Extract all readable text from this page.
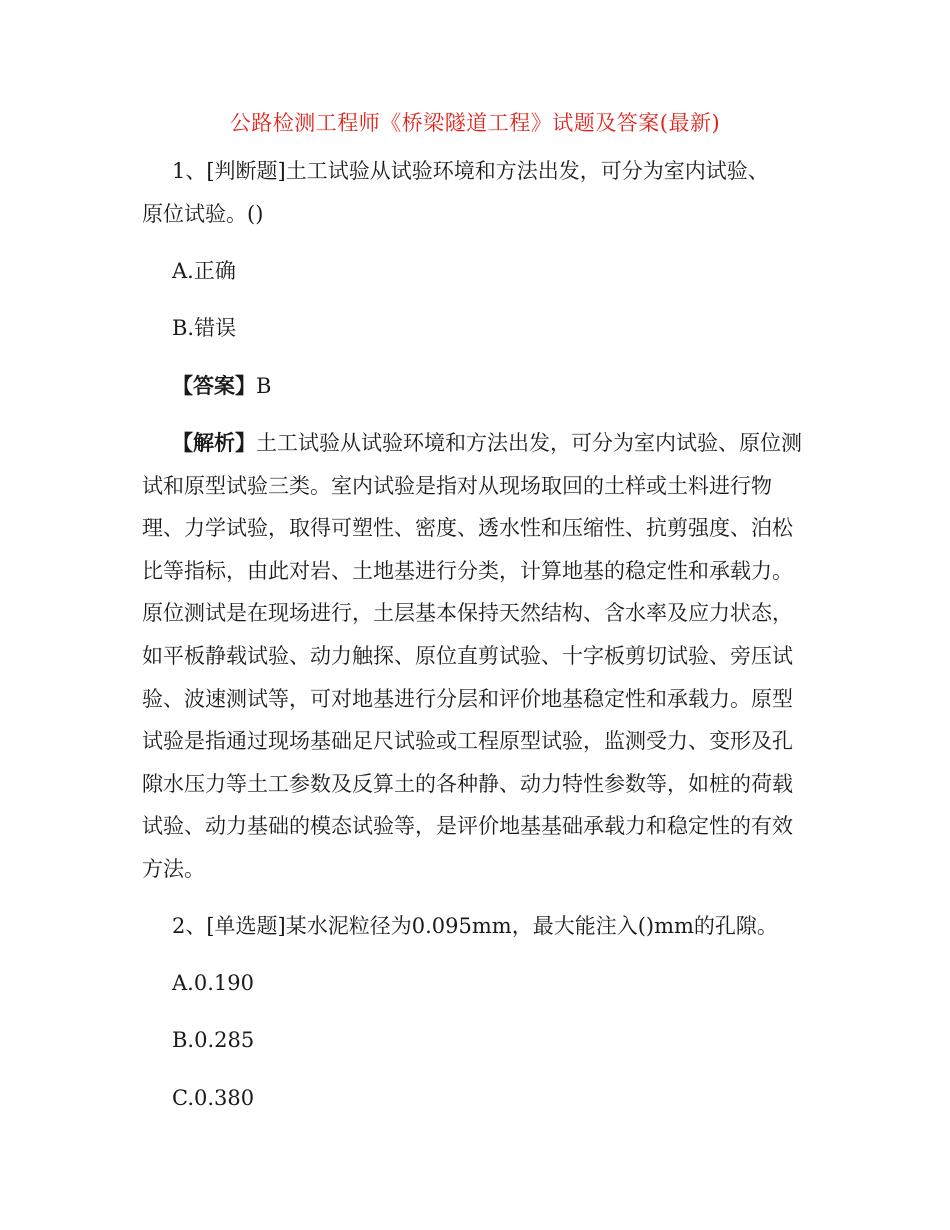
公路检测工程师《桥梁隧道工程》试题及答案(最新)
1、[判断题]土工试验从试验环境和方法出发，可分为室内试验、
原位试验。()
A.正确
B.错误
【答案】B
【解析】土工试验从试验环境和方法出发，可分为室内试验、原位测试和原型试验三类。室内试验是指对从现场取回的土样或土料进行物理、力学试验，取得可塑性、密度、透水性和压缩性、抗剪强度、泊松比等指标，由此对岩、土地基进行分类，计算地基的稳定性和承载力。原位测试是在现场进行，土层基本保持天然结构、含水率及应力状态，如平板静载试验、动力触探、原位直剪试验、十字板剪切试验、旁压试验、波速测试等，可对地基进行分层和评价地基稳定性和承载力。原型试验是指通过现场基础足尺试验或工程原型试验，监测受力、变形及孔隙水压力等土工参数及反算土的各种静、动力特性参数等，如桩的荷载试验、动力基础的模态试验等，是评价地基基础承载力和稳定性的有效方法。
2、[单选题]某水泥粒径为0.095mm，最大能注入()mm的孔隙。
A.0.190
B.0.285
C.0.380
